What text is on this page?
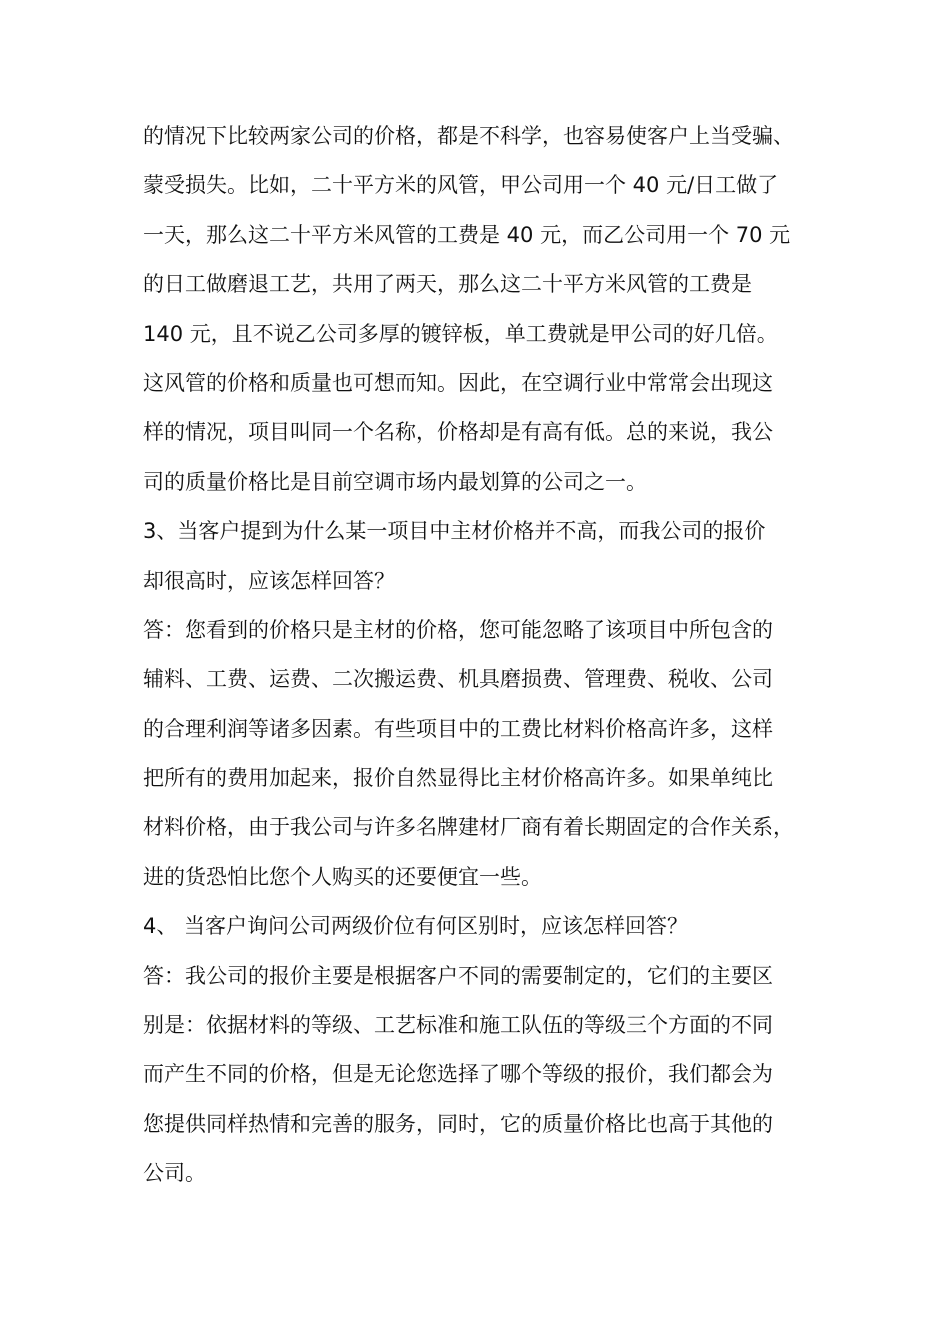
的情况下比较两家公司的价格，都是不科学，也容易使客户上当受骗、
蒙受损失。比如，二十平方米的风管，甲公司用一个 40 元/日工做了
一天，那么这二十平方米风管的工费是 40 元，而乙公司用一个 70 元
的日工做磨退工艺，共用了两天，那么这二十平方米风管的工费是
140 元，且不说乙公司多厚的镀锌板，单工费就是甲公司的好几倍。
这风管的价格和质量也可想而知。因此，在空调行业中常常会出现这
样的情况，项目叫同一个名称，价格却是有高有低。总的来说，我公
司的质量价格比是目前空调市场内最划算的公司之一。
3、当客户提到为什么某一项目中主材价格并不高，而我公司的报价
却很高时，应该怎样回答？
答：您看到的价格只是主材的价格，您可能忽略了该项目中所包含的
辅料、工费、运费、二次搬运费、机具磨损费、管理费、税收、公司
的合理利润等诸多因素。有些项目中的工费比材料价格高许多，这样
把所有的费用加起来，报价自然显得比主材价格高许多。如果单纯比
材料价格，由于我公司与许多名牌建材厂商有着长期固定的合作关系，
进的货恐怕比您个人购买的还要便宜一些。
4、 当客户询问公司两级价位有何区别时，应该怎样回答？
答：我公司的报价主要是根据客户不同的需要制定的，它们的主要区
别是：依据材料的等级、工艺标准和施工队伍的等级三个方面的不同
而产生不同的价格，但是无论您选择了哪个等级的报价，我们都会为
您提供同样热情和完善的服务，同时，它的质量价格比也高于其他的
公司。
